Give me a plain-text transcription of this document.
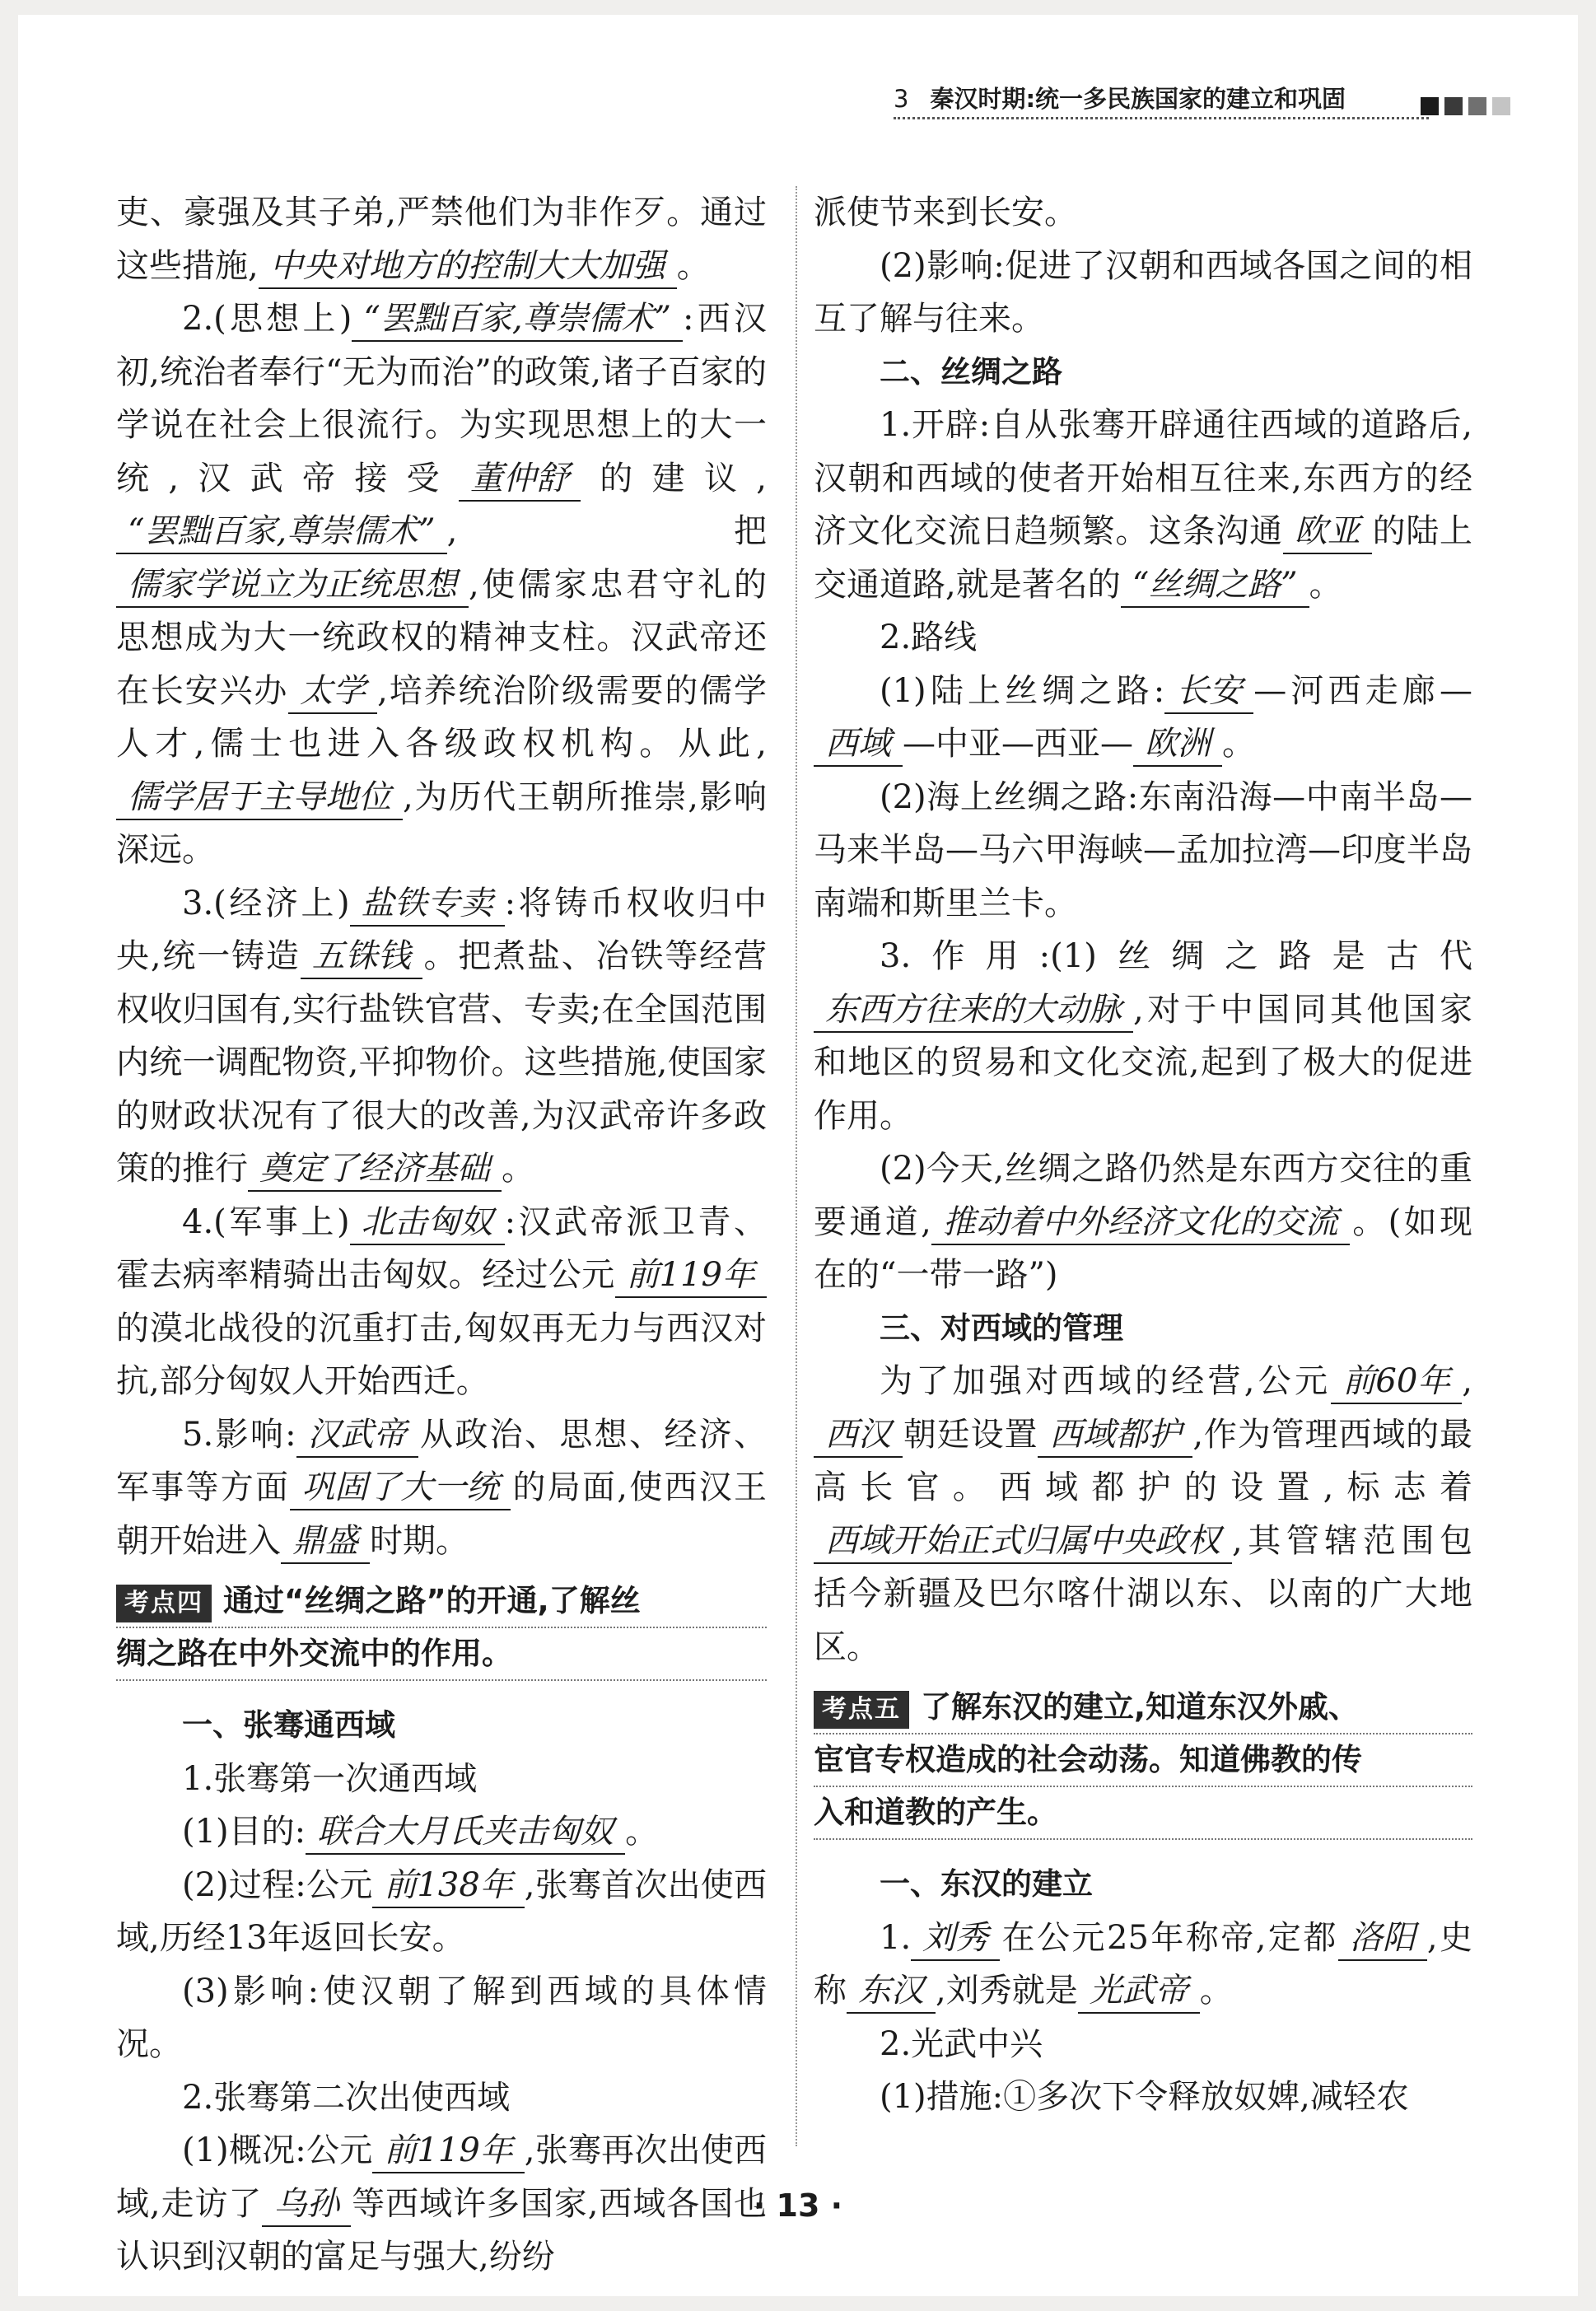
3 秦汉时期:统一多民族国家的建立和巩固

吏、豪强及其子弟,严禁他们为非作歹。通过这些措施, 中央对地方的控制大大加强 。

2.(思想上) “罢黜百家,尊崇儒术” :西汉初,统治者奉行“无为而治”的政策,诸子百家的学说在社会上很流行。为实现思想上的大一统,汉武帝接受 董仲舒 的建议,“罢黜百家,尊崇儒术” ,把儒家学说立为正统思想 ,使儒家忠君守礼的思想成为大一统政权的精神支柱。汉武帝还在长安兴办 太学 ,培养统治阶级需要的儒学人才,儒士也进入各级政权机构。从此,儒学居于主导地位 ,为历代王朝所推崇,影响深远。

3.(经济上) 盐铁专卖 :将铸币权收归中央,统一铸造 五铢钱 。把煮盐、冶铁等经营权收归国有,实行盐铁官营、专卖;在全国范围内统一调配物资,平抑物价。这些措施,使国家的财政状况有了很大的改善,为汉武帝许多政策的推行 奠定了经济基础 。

4.(军事上) 北击匈奴 :汉武帝派卫青、霍去病率精骑出击匈奴。经过公元 前119年的漠北战役的沉重打击,匈奴再无力与西汉对抗,部分匈奴人开始西迁。

5.影响: 汉武帝 从政治、思想、经济、军事等方面 巩固了大一统 的局面,使西汉王朝开始进入 鼎盛 时期。

考点四 通过“丝绸之路”的开通,了解丝
绸之路在中外交流中的作用。

一、张骞通西域

1.张骞第一次通西域

(1)目的: 联合大月氏夹击匈奴 。

(2)过程:公元 前138年 ,张骞首次出使西域,历经13年返回长安。

(3)影响:使汉朝了解到西域的具体情况。

2.张骞第二次出使西域

(1)概况:公元 前119年 ,张骞再次出使西域,走访了 乌孙 等西域许多国家,西域各国也认识到汉朝的富足与强大,纷纷

派使节来到长安。

(2)影响:促进了汉朝和西域各国之间的相互了解与往来。

二、丝绸之路

1.开辟:自从张骞开辟通往西域的道路后,汉朝和西域的使者开始相互往来,东西方的经济文化交流日趋频繁。这条沟通 欧亚 的陆上交通道路,就是著名的 “丝绸之路” 。

2.路线

(1)陆上丝绸之路: 长安 —河西走廊—西域 —中亚—西亚— 欧洲 。

(2)海上丝绸之路:东南沿海—中南半岛—马来半岛—马六甲海峡—孟加拉湾—印度半岛南端和斯里兰卡。

3.作用:(1)丝绸之路是古代东西方往来的大动脉 ,对于中国同其他国家和地区的贸易和文化交流,起到了极大的促进作用。

(2)今天,丝绸之路仍然是东西方交往的重要通道, 推动着中外经济文化的交流 。(如现在的“一带一路”)

三、对西域的管理

为了加强对西域的经营,公元 前60年 ,西汉 朝廷设置 西域都护 ,作为管理西域的最高长官。西域都护的设置,标志着西域开始正式归属中央政权 ,其管辖范围包括今新疆及巴尔喀什湖以东、以南的广大地区。

考点五 了解东汉的建立,知道东汉外戚、
宦官专权造成的社会动荡。知道佛教的传
入和道教的产生。

一、东汉的建立

1. 刘秀 在公元25年称帝,定都 洛阳 ,史称 东汉 ,刘秀就是 光武帝 。

2.光武中兴

(1)措施:①多次下令释放奴婢,减轻农

· 13 ·
